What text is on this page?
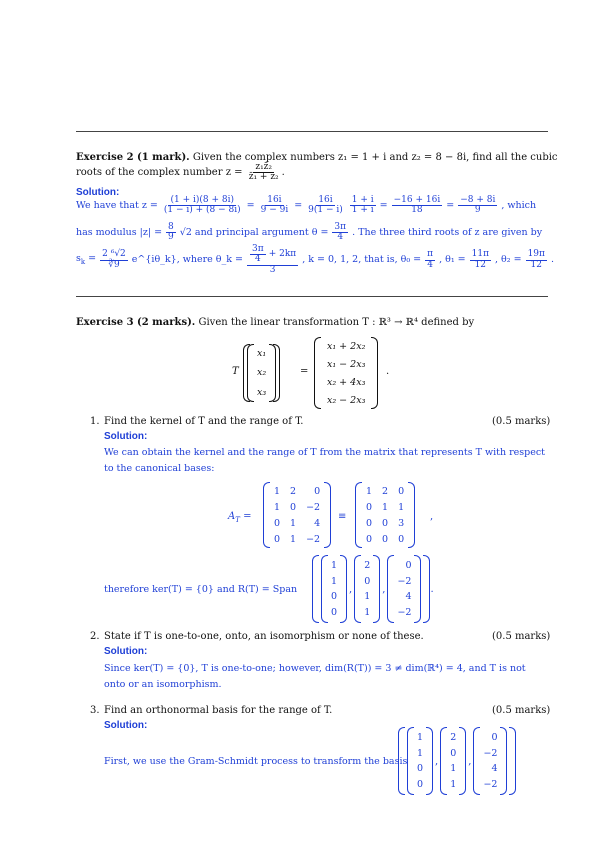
Exercise 2 (1 mark). Given the complex numbers z₁ = 1 + i and z₂ = 8 − 8i, find all the cubic
roots of the complex number z =
$\frac{\text{z₁z̄₂}}{\text{z̄₁ + z₂}}$ .
Solution:
We have that $z = \frac{(1 + i)(8 + 8i)}{(1 - i) + (8 - 8i)} = \frac{16i}{9 - 9i} = \frac{16i}{9(1 - i)} \frac{1 + i}{1 + i} = \frac{-16 + 16i}{18} = \frac{-8 + 8i}{9}$ , which
has modulus $|z| = \frac{8}{9} √2$ and principal argument $\theta = \frac{3\pi}{4}$ . The three third roots of z are given by
$s_k = \frac{\text{2 ⁶√2}}{∛9}$ e^{iθ_k}, where θ_k = $\frac{\frac{3\pi}{4} + 2k\pi}{3}$ , k = 0, 1, 2, that is, $\theta_0 = \frac{\pi}{4}$ , $\theta_1 = \frac{11\pi}{12}$ , $\theta_2 = \frac{19\pi}{12}$ .
Exercise 3 (2 marks). Given the linear transformation T : ℝ³ → ℝ⁴ defined by
T
x₁
x₂
x₃
=
x₁ + 2x₂
x₁ − 2x₃
x₂ + 4x₃
x₂ − 2x₃
.
1. Find the kernel of T and the range of T.	(0.5 marks)
Solution:
We can obtain the kernel and the range of T from the matrix that represents T with respect
to the canonical bases:
$A_T$ =
1 2	0
1 0 −2
0 1	4
0 1 −2
≡
1 2 0
0 1 1
0 0 3
0 0 0
,
therefore ker(T) = {0} and R(T) = Span
1
1
0
0
,
2
0
1
1
,
0
−2
4
−2
.
2. State if T is one-to-one, onto, an isomorphism or none of these.	(0.5 marks)
Solution:
Since ker(T) = {0}, T is one-to-one; however, dim(R(T)) = 3 ≠ dim(ℝ⁴) = 4, and T is not
onto or an isomorphism.
3. Find an orthonormal basis for the range of T.	(0.5 marks)
Solution:
First, we use the Gram-Schmidt process to transform the basis
1
1
0
0
,
2
0
1
1
,
0
−2
4
−2
